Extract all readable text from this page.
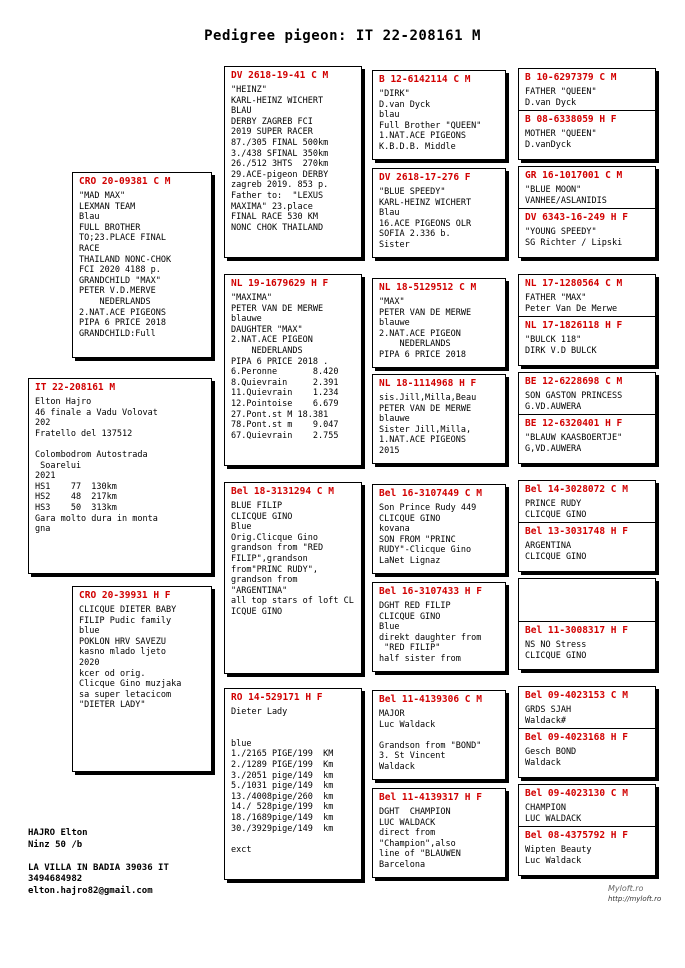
Pedigree pigeon: IT 22-208161 M
IT 22-208161 M
Elton Hajro
46 finale a Vadu Volovat
202
Fratello del 137512

Colombodrom Autostrada
Soarelui
2021
HS1    77  130km
HS2    48  217km
HS3    50  313km
Gara molto dura in monta
gna
CRO 20-09381 C M
"MAD MAX"
LEXMAN TEAM
Blau
FULL BROTHER
TO;23.PLACE FINAL
RACE
THAILAND NONC-CHOK
FCI 2020 4188 p.
GRANDCHILD "MAX"
PETER V.D.MERVE
NEDERLANDS
2.NAT.ACE PIGEONS
PIPA 6 PRICE 2018
GRANDCHILD:Full
CRO 20-39931 H F
CLICQUE DIETER BABY
FILIP Pudic family
blue
POKLON HRV SAVEZU
kasno mlado ljeto
2020
kcer od orig.
Clicque Gino muzjaka
sa super letacicom
"DIETER LADY"
DV 2618-19-41 C M
"HEINZ"
KARL-HEINZ WICHERT
BLAU
DERBY ZAGREB FCI
2019 SUPER RACER
87./305 FINAL 500km
3./438 SFINAL 350km
26./512 3HTS  270km
29.ACE-pigeon DERBY
zagreb 2019. 853 p.
Father to:  "LEXUS
MAXIMA" 23.place
FINAL RACE 530 KM
NONC CHOK THAILAND
NL 19-1679629 H F
"MAXIMA"
PETER VAN DE MERWE
blauwe
DAUGHTER "MAX"
2.NAT.ACE PIGEON
NEDERLANDS
PIPA 6 PRICE 2018 .
6.Peronne       8.420
8.Quievrain     2.391
11.Quievrain    1.234
12.Pointoise    6.679
27.Pont.st M 18.381
78.Pont.st m    9.047
67.Quievrain    2.755
Bel 18-3131294 C M
BLUE FILIP
CLICQUE GINO
Blue
Orig.Clicque Gino
grandson from "RED
FILIP",grandson
from"PRINC RUDY",
grandson from
"ARGENTINA"
all top stars of loft CL
ICQUE GINO
RO 14-529171 H F
Dieter Lady

blue
1./2165 PIGE/199  KM
2./1289 PIGE/199  Km
3./2051 pige/149  km
5./1031 pige/149  km
13./4008pige/260  km
14./ 528pige/199  km
18./1689pige/149  km
30./3929pige/149  km

exct
B 12-6142114 C M
"DIRK"
D.van Dyck
blau
Full Brother "QUEEN"
1.NAT.ACE PIGEONS
K.B.D.B. Middle
DV 2618-17-276 F
"BLUE SPEEDY"
KARL-HEINZ WICHERT
Blau
16.ACE PIGEONS OLR
SOFIA 2.336 b.
Sister
NL 18-5129512 C M
"MAX"
PETER VAN DE MERWE
blauwe
2.NAT.ACE PIGEON
NEDERLANDS
PIPA 6 PRICE 2018
NL 18-1114968 H F
sis.Jill,Milla,Beau
PETER VAN DE MERWE
blauwe
Sister Jill,Milla,
1.NAT.ACE PIGEONS
2015
Bel 16-3107449 C M
Son Prince Rudy 449
CLICQUE GINO
kovana
SON FROM "PRINC
RUDY"-Clicque Gino
LaNet Lignaz
Bel 16-3107433 H F
DGHT RED FILIP
CLICQUE GINO
Blue
direkt daughter from
"RED FILIP"
half sister from
Bel 11-4139306 C M
MAJOR
Luc Waldack

Grandson from "BOND"
3. St Vincent
Waldack
Bel 11-4139317 H F
DGHT  CHAMPION
LUC WALDACK
direct from
"Champion",also
line of "BLAUWEN
Barcelona
B 10-6297379 C M
FATHER "QUEEN"
D.van Dyck
B 08-6338059 H F
MOTHER "QUEEN"
D.vanDyck
GR 16-1017001 C M
"BLUE MOON"
VANHEE/ASLANIDIS
DV 6343-16-249 H F
"YOUNG SPEEDY"
SG Richter / Lipski
NL 17-1280564 C M
FATHER "MAX"
Peter Van De Merwe
NL 17-1826118 H F
"BULCK 118"
DIRK V.D BULCK
BE 12-6228698 C M
SON GASTON PRINCESS
G.VD.AUWERA
BE 12-6320401 H F
"BLAUW KAASBOERTJE"
G,VD.AUWERA
Bel 14-3028072 C M
PRINCE RUDY
CLICQUE GINO
Bel 13-3031748 H F
ARGENTINA
CLICQUE GINO
Bel 11-3008317 H F
NS NO Stress
CLICQUE GINO
Bel 09-4023153 C M
GRDS SJAH
Waldack#
Bel 09-4023168 H F
Gesch BOND
Waldack
Bel 09-4023130 C M
CHAMPION
LUC WALDACK
Bel 08-4375792 H F
Wipten Beauty
Luc Waldack
HAJRO Elton
Ninz 50 /b

LA VILLA IN BADIA 39036 IT
3494684982
elton.hajro82@gmail.com	Myloft.ro
http://myloft.ro
